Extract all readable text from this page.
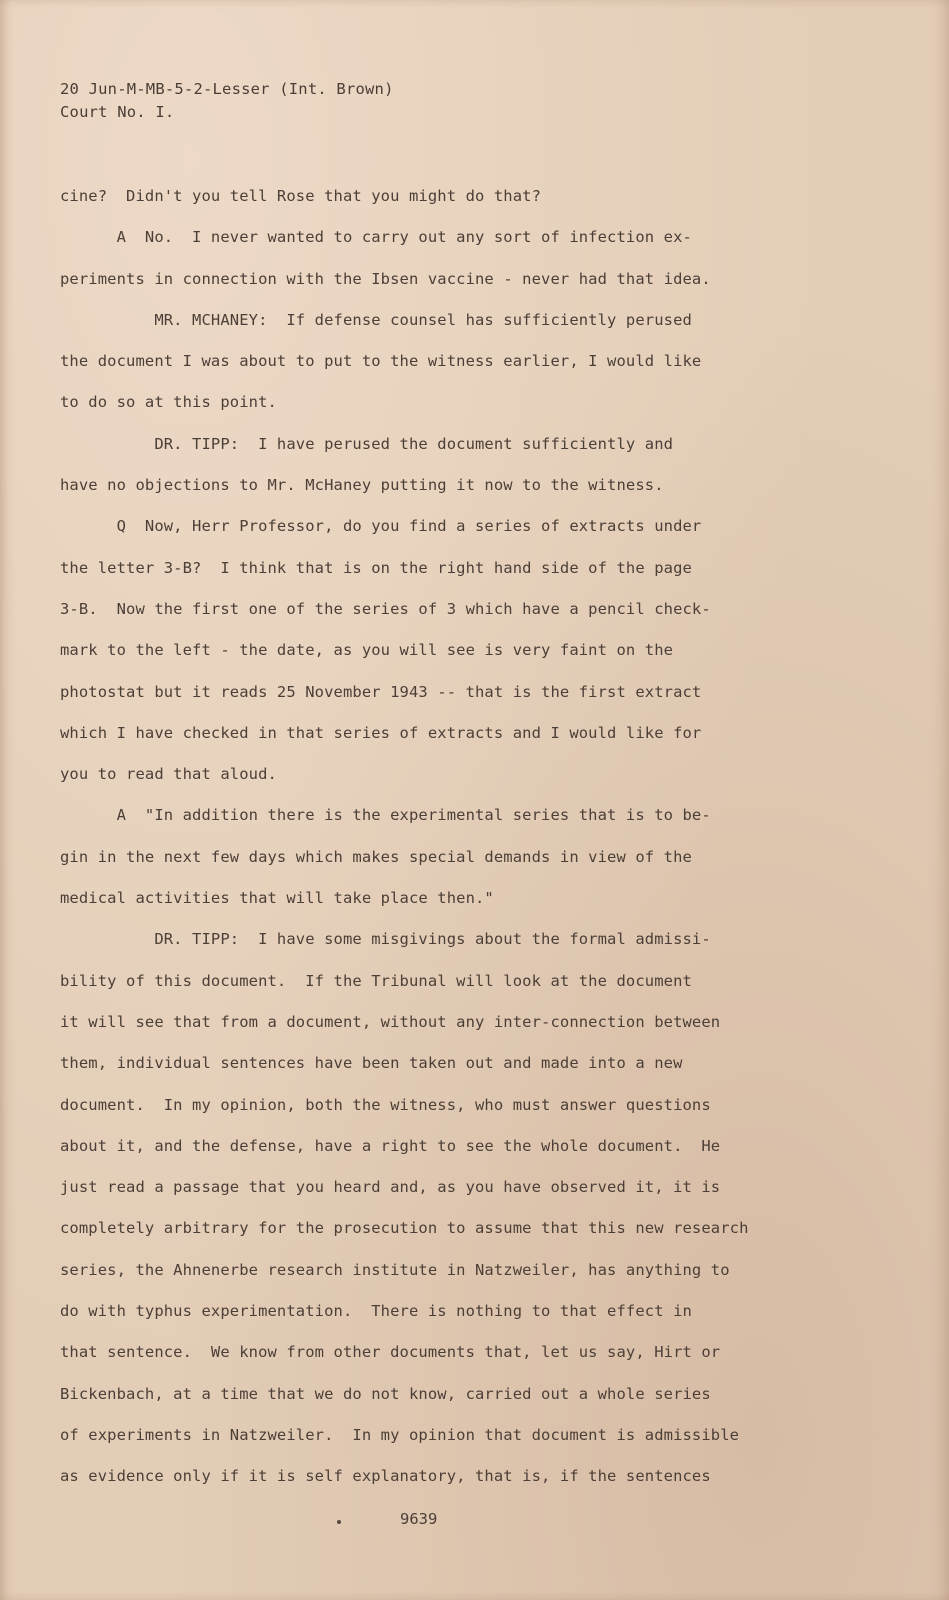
20 Jun-M-MB-5-2-Lesser (Int. Brown)
Court No. I.
cine?  Didn't you tell Rose that you might do that?
A  No.  I never wanted to carry out any sort of infection ex-
periments in connection with the Ibsen vaccine - never had that idea.
MR. MCHANEY:  If defense counsel has sufficiently perused
the document I was about to put to the witness earlier, I would like
to do so at this point.
DR. TIPP:  I have perused the document sufficiently and
have no objections to Mr. McHaney putting it now to the witness.
Q  Now, Herr Professor, do you find a series of extracts under
the letter 3-B?  I think that is on the right hand side of the page
3-B.  Now the first one of the series of 3 which have a pencil check-
mark to the left - the date, as you will see is very faint on the
photostat but it reads 25 November 1943 -- that is the first extract
which I have checked in that series of extracts and I would like for
you to read that aloud.
A  "In addition there is the experimental series that is to be-
gin in the next few days which makes special demands in view of the
medical activities that will take place then."
DR. TIPP:  I have some misgivings about the formal admissi-
bility of this document.  If the Tribunal will look at the document
it will see that from a document, without any inter-connection between
them, individual sentences have been taken out and made into a new
document.  In my opinion, both the witness, who must answer questions
about it, and the defense, have a right to see the whole document.  He
just read a passage that you heard and, as you have observed it, it is
completely arbitrary for the prosecution to assume that this new research
series, the Ahnenerbe research institute in Natzweiler, has anything to
do with typhus experimentation.  There is nothing to that effect in
that sentence.  We know from other documents that, let us say, Hirt or
Bickenbach, at a time that we do not know, carried out a whole series
of experiments in Natzweiler.  In my opinion that document is admissible
as evidence only if it is self explanatory, that is, if the sentences
9639
